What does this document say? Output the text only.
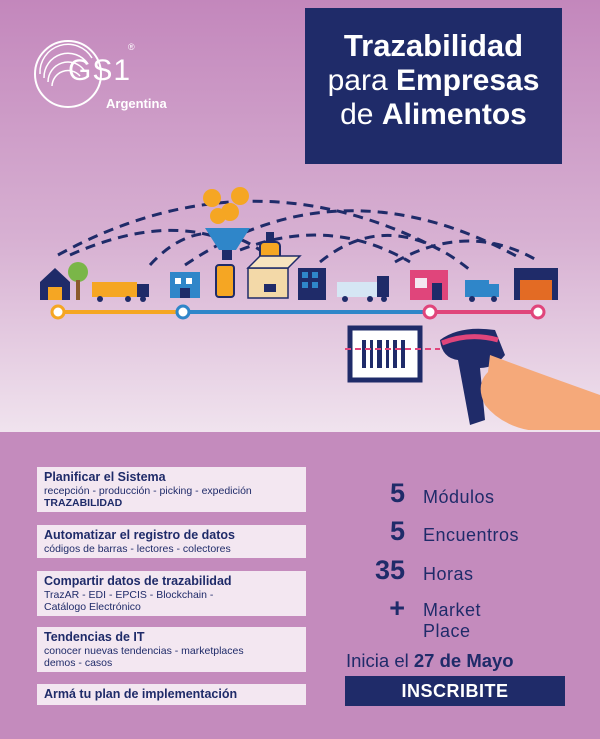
GS1
®
Argentina
Trazabilidad
para Empresas
de Alimentos
Planificar el Sistema
recepción - producción - picking - expedición
TRAZABILIDAD
Automatizar el registro de datos
códigos de barras - lectores - colectores
Compartir datos de trazabilidad
TrazAR - EDI - EPCIS - Blockchain -
Catálogo Electrónico
Tendencias de IT
conocer nuevas tendencias - marketplaces
demos - casos
Armá tu plan de implementación
5 Módulos
5 Encuentros
35 Horas
+ Market Place
Inicia el 27 de Mayo
INSCRIBITE
